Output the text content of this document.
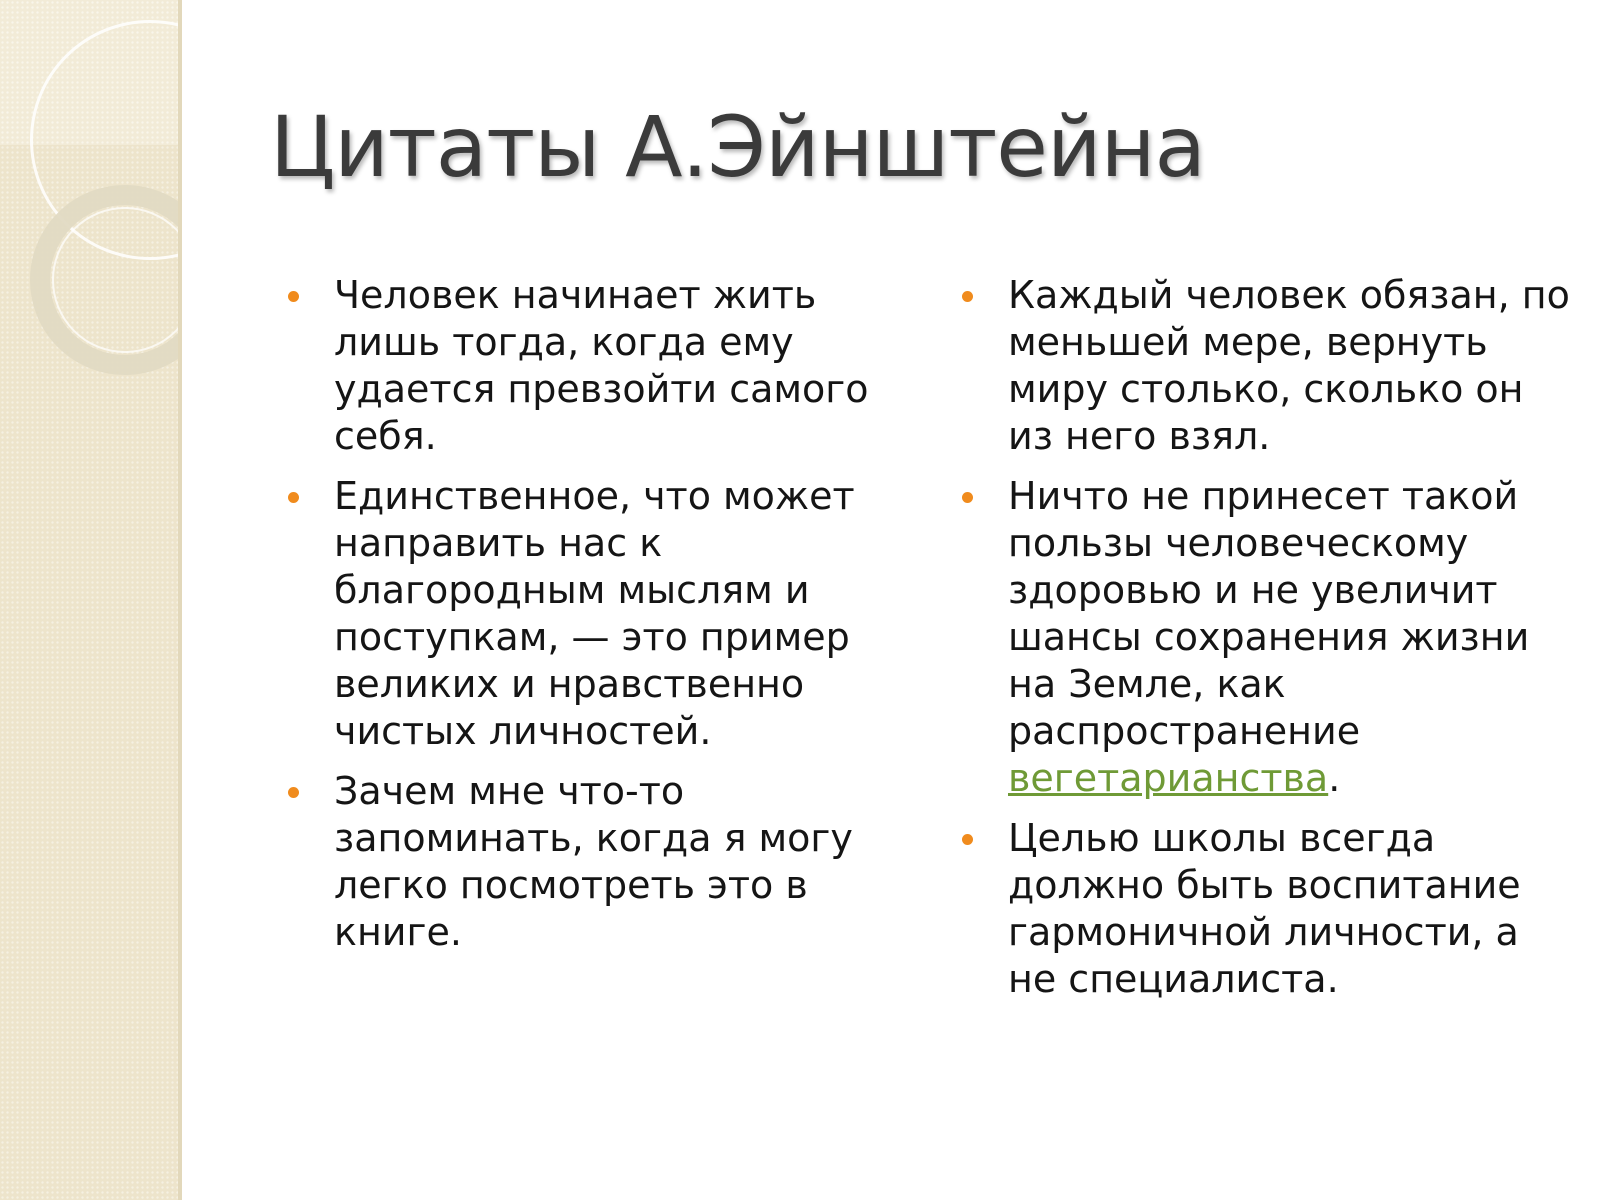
Цитаты А.Эйнштейна
Человек начинает жить лишь тогда, когда ему удается превзойти самого себя.
Единственное, что может направить нас к благородным мыслям и поступкам, — это пример великих и нравственно чистых личностей.
Зачем мне что-то запоминать, когда я могу легко посмотреть это в книге.
Каждый человек обязан, по меньшей мере, вернуть миру столько, сколько он из него взял.
Ничто не принесет такой пользы человеческому здоровью и не увеличит шансы сохранения жизни на Земле, как распространение вегетарианства.
Целью школы всегда должно быть воспитание гармоничной личности, а не специалиста.
